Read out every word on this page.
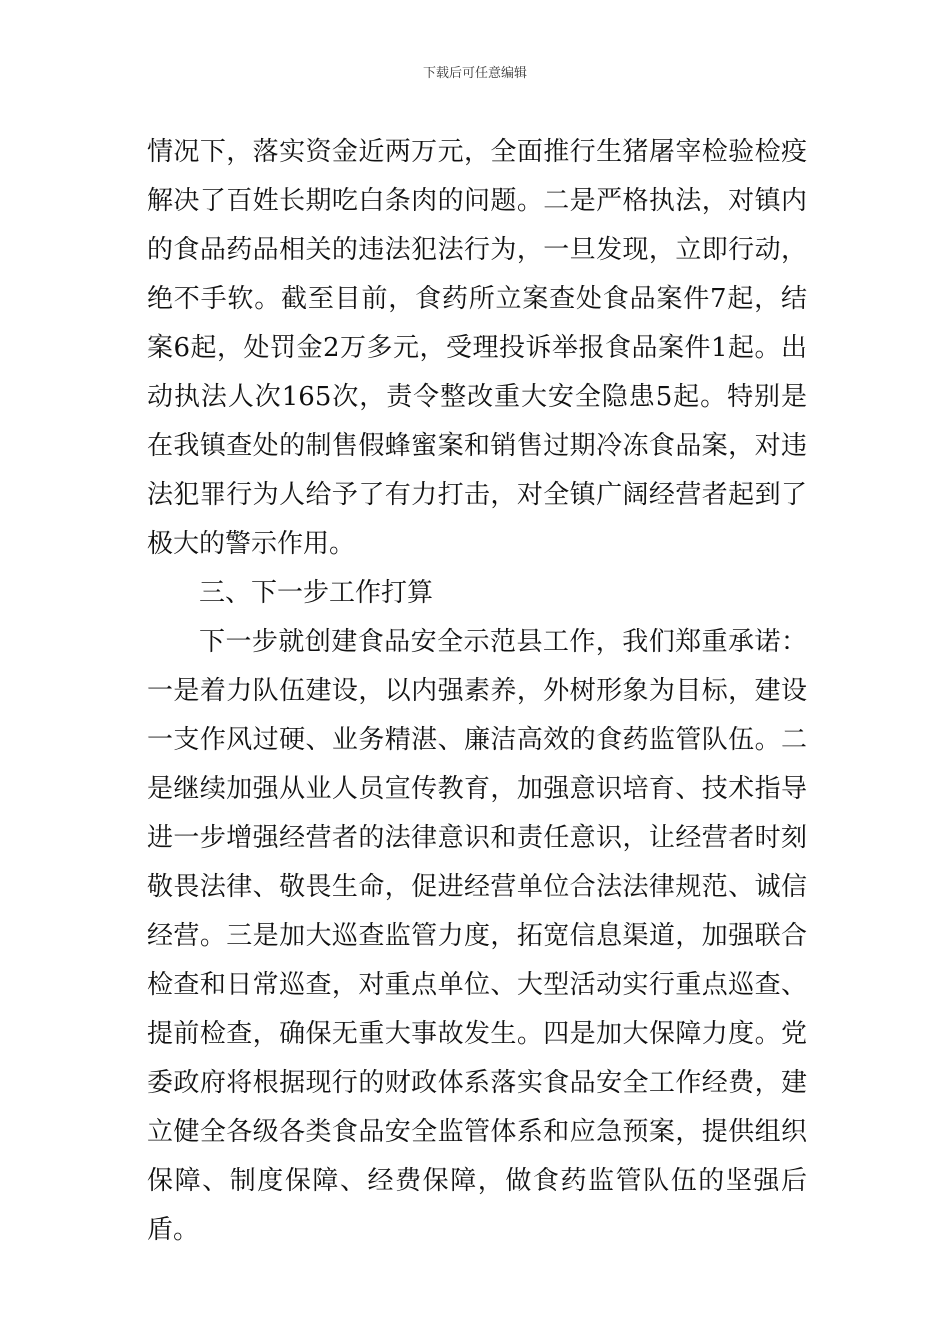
下载后可任意编辑

情况下，落实资金近两万元，全面推行生猪屠宰检验检疫解决了百姓长期吃白条肉的问题。二是严格执法，对镇内的食品药品相关的违法犯法行为，一旦发现，立即行动，绝不手软。截至目前，食药所立案查处食品案件7起，结案6起，处罚金2万多元，受理投诉举报食品案件1起。出动执法人次165次，责令整改重大安全隐患5起。特别是在我镇查处的制售假蜂蜜案和销售过期冷冻食品案，对违法犯罪行为人给予了有力打击，对全镇广阔经营者起到了极大的警示作用。

三、下一步工作打算

下一步就创建食品安全示范县工作，我们郑重承诺：一是着力队伍建设，以内强素养，外树形象为目标，建设一支作风过硬、业务精湛、廉洁高效的食药监管队伍。二是继续加强从业人员宣传教育，加强意识培育、技术指导进一步增强经营者的法律意识和责任意识，让经营者时刻敬畏法律、敬畏生命，促进经营单位合法法律规范、诚信经营。三是加大巡查监管力度，拓宽信息渠道，加强联合检查和日常巡查，对重点单位、大型活动实行重点巡查、提前检查，确保无重大事故发生。四是加大保障力度。党委政府将根据现行的财政体系落实食品安全工作经费，建立健全各级各类食品安全监管体系和应急预案，提供组织保障、制度保障、经费保障，做食药监管队伍的坚强后盾。
